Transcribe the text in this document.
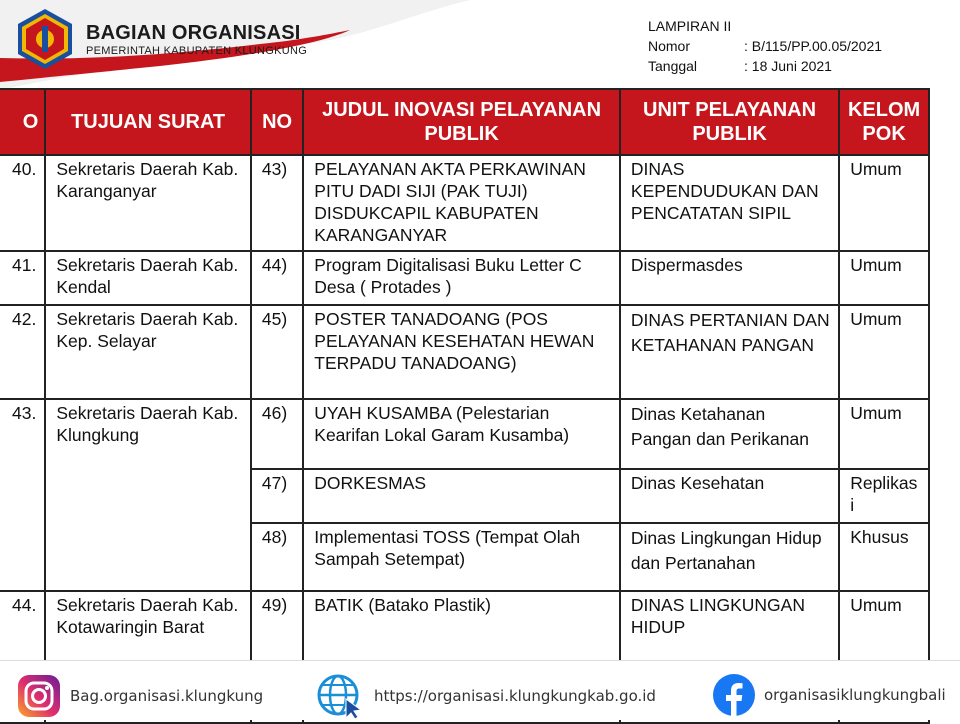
BAGIAN ORGANISASI
PEMERINTAH KABUPATEN KLUNGKUNG
LAMPIRAN II
Nomor	: B/115/PP.00.05/2021
Tanggal	: 18 Juni 2021
O	TUJUAN SURAT	NO	JUDUL INOVASI PELAYANAN PUBLIK	UNIT PELAYANAN PUBLIK	KELOM POK
40.	Sekretaris Daerah Kab. Karanganyar	43)	PELAYANAN AKTA PERKAWINAN PITU DADI SIJI (PAK TUJI) DISDUKCAPIL KABUPATEN KARANGANYAR	DINAS KEPENDUDUKAN DAN PENCATATAN SIPIL	Umum
41.	Sekretaris Daerah Kab. Kendal	44)	Program Digitalisasi Buku Letter C Desa ( Protades )	Dispermasdes	Umum
42.	Sekretaris Daerah Kab. Kep. Selayar	45)	POSTER TANADOANG (POS PELAYANAN KESEHATAN HEWAN TERPADU TANADOANG)	DINAS PERTANIAN DAN KETAHANAN PANGAN	Umum
43.	Sekretaris Daerah Kab. Klungkung	46)	UYAH KUSAMBA (Pelestarian Kearifan Lokal Garam Kusamba)	Dinas Ketahanan Pangan dan Perikanan	Umum
		47)	DORKESMAS	Dinas Kesehatan	Replikas i
		48)	Implementasi TOSS (Tempat Olah Sampah Setempat)	Dinas Lingkungan Hidup dan Pertanahan	Khusus
44.	Sekretaris Daerah Kab. Kotawaringin Barat	49)	BATIK (Batako Plastik)	DINAS LINGKUNGAN HIDUP	Umum

Bag.organisasi.klungkung	https://organisasi.klungkungkab.go.id	organisasiklungkungbali
